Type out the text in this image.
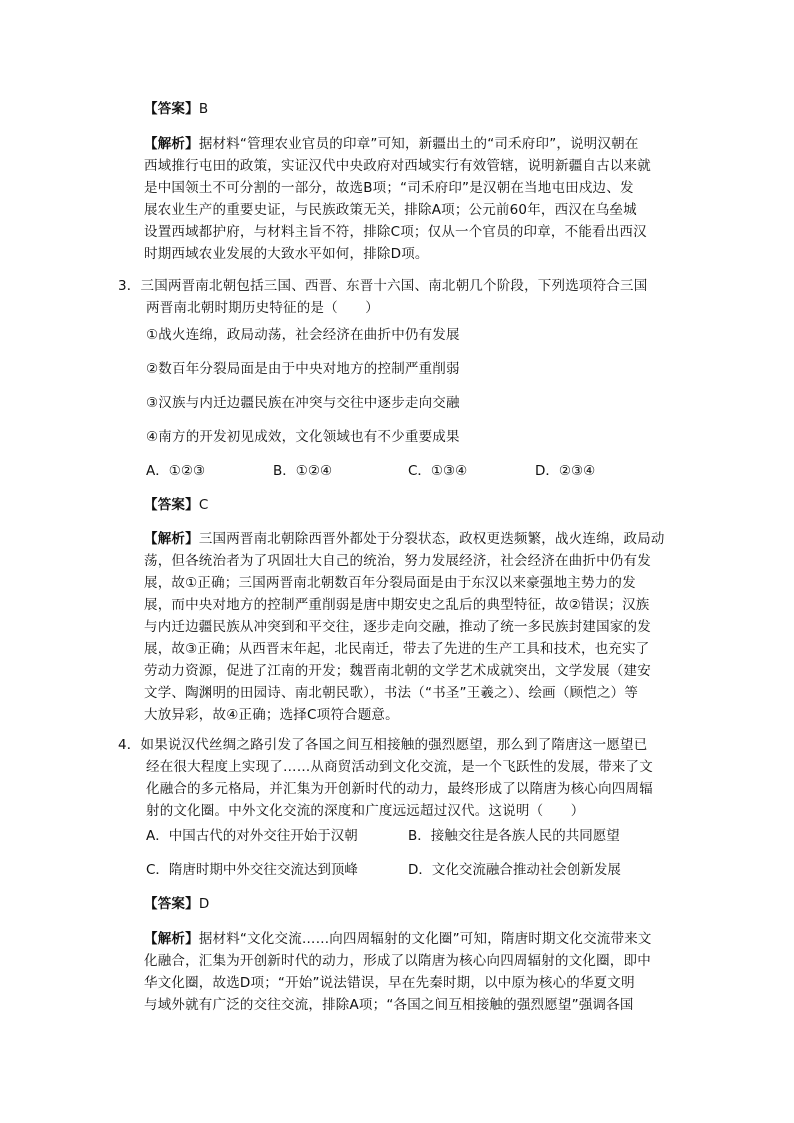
【答案】B
【解析】据材料“管理农业官员的印章”可知，新疆出土的“司禾府印”，说明汉朝在
西域推行屯田的政策，实证汉代中央政府对西域实行有效管辖，说明新疆自古以来就
是中国领土不可分割的一部分，故选B项；“司禾府印”是汉朝在当地屯田戍边、发
展农业生产的重要史证，与民族政策无关，排除A项；公元前60年，西汉在乌垒城
设置西域都护府，与材料主旨不符，排除C项；仅从一个官员的印章，不能看出西汉
时期西域农业发展的大致水平如何，排除D项。
3．三国两晋南北朝包括三国、西晋、东晋十六国、南北朝几个阶段，下列选项符合三国
两晋南北朝时期历史特征的是（　　）
①战火连绵，政局动荡，社会经济在曲折中仍有发展
②数百年分裂局面是由于中央对地方的控制严重削弱
③汉族与内迁边疆民族在冲突与交往中逐步走向交融
④南方的开发初见成效，文化领域也有不少重要成果
A．①②③	B．①②④	C．①③④	D．②③④
【答案】C
【解析】三国两晋南北朝除西晋外都处于分裂状态，政权更迭频繁，战火连绵，政局动
荡，但各统治者为了巩固壮大自己的统治，努力发展经济，社会经济在曲折中仍有发
展，故①正确；三国两晋南北朝数百年分裂局面是由于东汉以来豪强地主势力的发
展，而中央对地方的控制严重削弱是唐中期安史之乱后的典型特征，故②错误；汉族
与内迁边疆民族从冲突到和平交往，逐步走向交融，推动了统一多民族封建国家的发
展，故③正确；从西晋末年起，北民南迁，带去了先进的生产工具和技术，也充实了
劳动力资源，促进了江南的开发；魏晋南北朝的文学艺术成就突出，文学发展（建安
文学、陶渊明的田园诗、南北朝民歌），书法（“书圣”王羲之）、绘画（顾恺之）等
大放异彩，故④正确；选择C项符合题意。
4．如果说汉代丝绸之路引发了各国之间互相接触的强烈愿望，那么到了隋唐这一愿望已
经在很大程度上实现了……从商贸活动到文化交流，是一个飞跃性的发展，带来了文
化融合的多元格局，并汇集为开创新时代的动力，最终形成了以隋唐为核心向四周辐
射的文化圈。中外文化交流的深度和广度远远超过汉代。这说明（　　）
A．中国古代的对外交往开始于汉朝	B．接触交往是各族人民的共同愿望
C．隋唐时期中外交往交流达到顶峰	D．文化交流融合推动社会创新发展
【答案】D
【解析】据材料“文化交流……向四周辐射的文化圈”可知，隋唐时期文化交流带来文
化融合，汇集为开创新时代的动力，形成了以隋唐为核心向四周辐射的文化圈，即中
华文化圈，故选D项；“开始”说法错误，早在先秦时期，以中原为核心的华夏文明
与域外就有广泛的交往交流，排除A项；“各国之间互相接触的强烈愿望”强调各国
